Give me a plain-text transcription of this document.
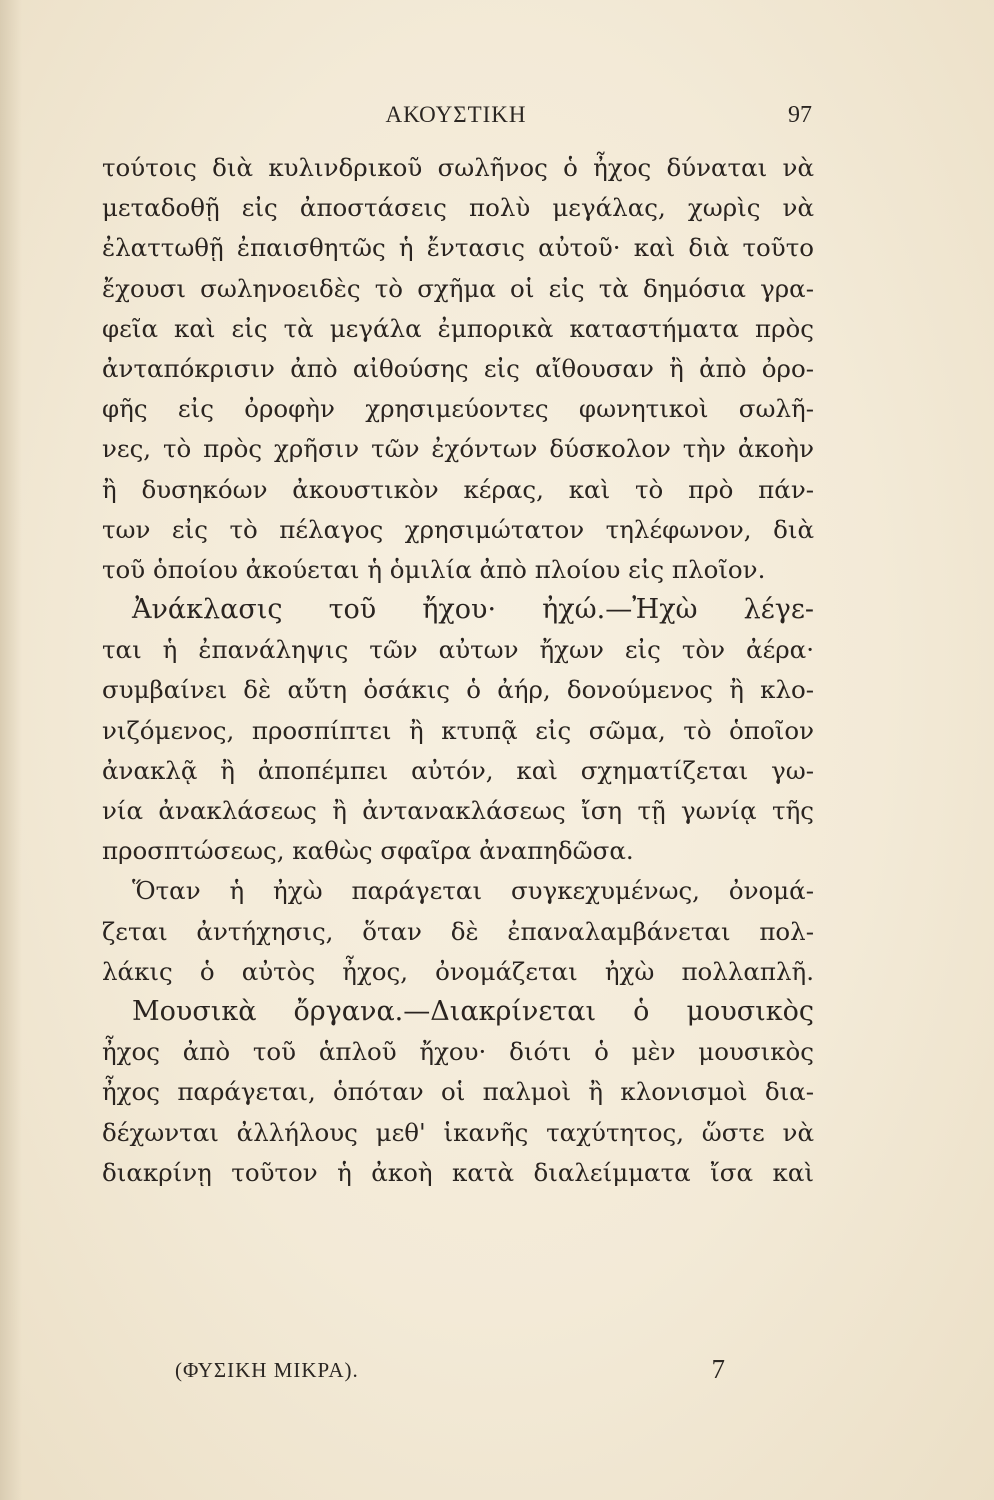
ΑΚΟΥΣΤΙΚΗ	97
τούτοις διὰ κυλινδρικοῦ σωλῆνος ὁ ἦχος δύναται νὰ
μεταδοθῇ εἰς ἀποστάσεις πολὺ μεγάλας, χωρὶς νὰ
ἐλαττωθῇ ἐπαισθητῶς ἡ ἔντασις αὐτοῦ· καὶ διὰ τοῦτο
ἔχουσι σωληνοειδὲς τὸ σχῆμα οἱ εἰς τὰ δημόσια γρα-
φεῖα καὶ εἰς τὰ μεγάλα ἐμπορικὰ καταστήματα πρὸς
ἀνταπόκρισιν ἀπὸ αἰθούσης εἰς αἴθουσαν ἢ ἀπὸ ὀρο-
φῆς εἰς ὀροφὴν χρησιμεύοντες φωνητικοὶ σωλῆ-
νες, τὸ πρὸς χρῆσιν τῶν ἐχόντων δύσκολον τὴν ἀκοὴν
ἢ δυσηκόων ἀκουστικὸν κέρας, καὶ τὸ πρὸ πάν-
των εἰς τὸ πέλαγος χρησιμώτατον τηλέφωνον, διὰ
τοῦ ὁποίου ἀκούεται ἡ ὁμιλία ἀπὸ πλοίου εἰς πλοῖον.
Ἀνάκλασις τοῦ ἤχου· ἠχώ.—Ἠχὼ λέγε-
ται ἡ ἐπανάληψις τῶν αὐτων ἤχων εἰς τὸν ἀέρα·
συμβαίνει δὲ αὔτη ὁσάκις ὁ ἀήρ, δονούμενος ἢ κλο-
νιζόμενος, προσπίπτει ἢ κτυπᾷ εἰς σῶμα, τὸ ὁποῖον
ἀνακλᾷ ἢ ἀποπέμπει αὐτόν, καὶ σχηματίζεται γω-
νία ἀνακλάσεως ἢ ἀντανακλάσεως ἴση τῇ γωνίᾳ τῆς
προσπτώσεως, καθὼς σφαῖρα ἀναπηδῶσα.
Ὅταν ἡ ἠχὼ παράγεται συγκεχυμένως, ὀνομά-
ζεται ἀντήχησις, ὅταν δὲ ἐπαναλαμβάνεται πολ-
λάκις ὁ αὐτὸς ἦχος, ὀνομάζεται ἠχὼ πολλαπλῆ.
Μουσικὰ ὄργανα.—Διακρίνεται ὁ μουσικὸς
ἦχος ἀπὸ τοῦ ἁπλοῦ ἤχου· διότι ὁ μὲν μουσικὸς
ἦχος παράγεται, ὁπόταν οἱ παλμοὶ ἢ κλονισμοὶ δια-
δέχωνται ἀλλήλους μεθ' ἱκανῆς ταχύτητος, ὥστε νὰ
διακρίνῃ τοῦτον ἡ ἀκοὴ κατὰ διαλείμματα ἴσα καὶ
(ΦΥΣΙΚΗ ΜΙΚΡΑ).	7
